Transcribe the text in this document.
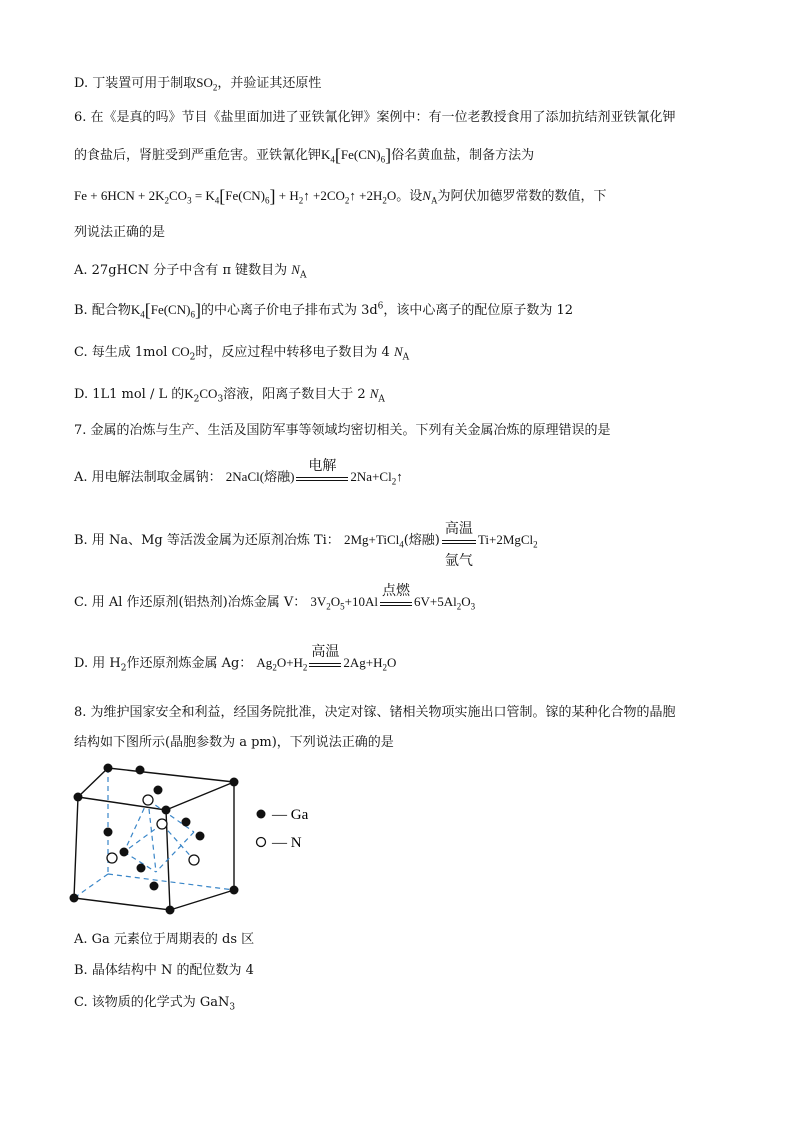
D. 丁装置可用于制取$SO_2$，并验证其还原性
6. 在《是真的吗》节目《盐里面加进了亚铁氰化钾》案例中：有一位老教授食用了添加抗结剂亚铁氰化钾
的食盐后，肾脏受到严重危害。亚铁氰化钾$K_4[Fe(CN)_6]$俗名黄血盐，制备方法为
$Fe + 6HCN + 2K_2CO_3 = K_4[Fe(CN)_6]$ + $H_2↑$ $+2CO_2↑ +2H_2O$。设$N_A$为阿伏加德罗常数的数值，下
列说法正确的是
A. 27gHCN 分子中含有 π 键数目为 $N_A$
B. 配合物$K_4[Fe(CN)_6]$的中心离子价电子排布式为 $3d^6$，该中心离子的配位原子数为 12
C. 每生成 1mol $CO_2$时，反应过程中转移电子数目为 4 $N_A$
D. 1L1 mol / L 的$K_2CO_3$溶液，阳离子数目大于 2 $N_A$
7. 金属的冶炼与生产、生活及国防军事等领域均密切相关。下列有关金属冶炼的原理错误的是
A. 用电解法制取金属钠： 2NaCl(熔融)
电解
$2Na+Cl_2↑$
B. 用 Na、Mg 等活泼金属为还原剂冶炼 Ti： 2Mg+TiCl$_4$(熔融)
高温
氩气
Ti+2MgCl$_2$
C. 用 Al 作还原剂(铝热剂)冶炼金属 V： $3V_2O_5+10Al$
点燃
$6V+5Al_2O_3$
D. 用 $H_2$作还原剂炼金属 Ag： $Ag_2O+H_2$
高温
$2Ag+H_2O$
8. 为维护国家安全和利益，经国务院批准，决定对镓、锗相关物项实施出口管制。镓的某种化合物的晶胞
结构如下图所示(晶胞参数为 a pm)，下列说法正确的是
— Ga
— N
A. Ga 元素位于周期表的 ds 区
B. 晶体结构中 N 的配位数为 4
C. 该物质的化学式为 GaN$_3$
